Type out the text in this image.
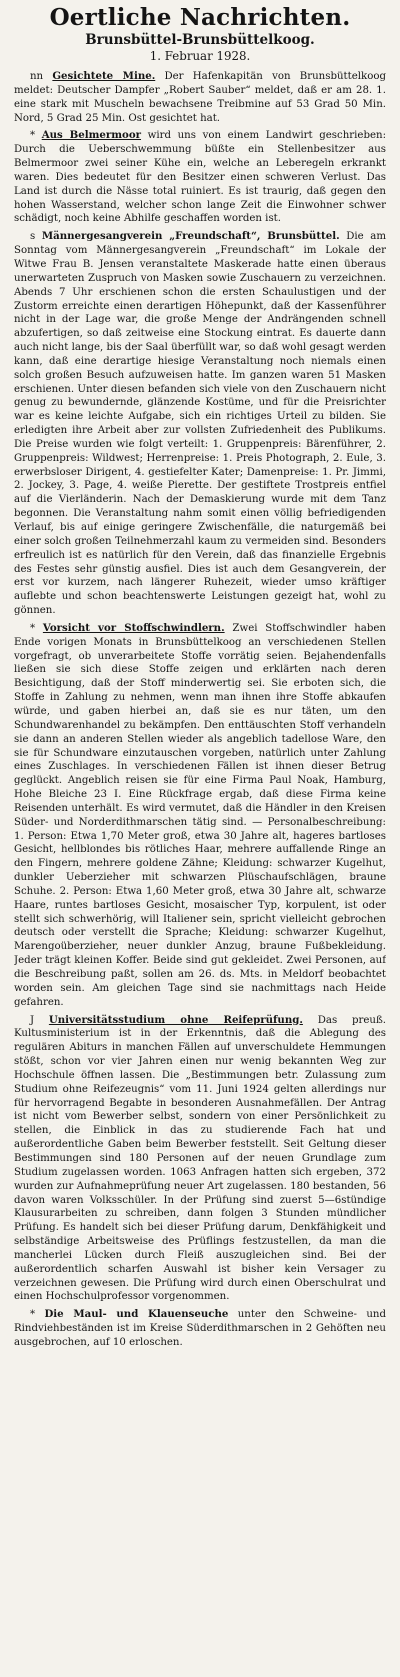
Oertliche Nachrichten.
Brunsbüttel-Brunsbüttelkoog.
1. Februar 1928.

nn Gesichtete Mine. Der Hafenkapitän von Brunsbüttelkoog meldet: Deutscher Dampfer „Robert Sauber“ meldet, daß er am 28. 1. eine stark mit Muscheln bewachsene Treibmine auf 53 Grad 50 Min. Nord, 5 Grad 25 Min. Ost gesichtet hat.

* Aus Belmermoor wird uns von einem Landwirt geschrieben: Durch die Ueberschwemmung büßte ein Stellenbesitzer aus Belmermoor zwei seiner Kühe ein, welche an Leberegeln erkrankt waren. Dies bedeutet für den Besitzer einen schweren Verlust. Das Land ist durch die Nässe total ruiniert. Es ist traurig, daß gegen den hohen Wasserstand, welcher schon lange Zeit die Einwohner schwer schädigt, noch keine Abhilfe geschaffen worden ist.

s Männergesangverein „Freundschaft“, Brunsbüttel. Die am Sonntag vom Männergesangverein „Freundschaft“ im Lokale der Witwe Frau B. Jensen veranstaltete Maskerade hatte einen überaus unerwarteten Zuspruch von Masken sowie Zuschauern zu verzeichnen. Abends 7 Uhr erschienen schon die ersten Schaulustigen und der Zustorm erreichte einen derartigen Höhepunkt, daß der Kassenführer nicht in der Lage war, die große Menge der Andrängenden schnell abzufertigen, so daß zeitweise eine Stockung eintrat. Es dauerte dann auch nicht lange, bis der Saal überfüllt war, so daß wohl gesagt werden kann, daß eine derartige hiesige Veranstaltung noch niemals einen solch großen Besuch aufzuweisen hatte. Im ganzen waren 51 Masken erschienen. Unter diesen befanden sich viele von den Zuschauern nicht genug zu bewundernde, glänzende Kostüme, und für die Preisrichter war es keine leichte Aufgabe, sich ein richtiges Urteil zu bilden. Sie erledigten ihre Arbeit aber zur vollsten Zufriedenheit des Publikums. Die Preise wurden wie folgt verteilt: 1. Gruppenpreis: Bärenführer, 2. Gruppenpreis: Wildwest; Herrenpreise: 1. Preis Photograph, 2. Eule, 3. erwerbsloser Dirigent, 4. gestiefelter Kater; Damenpreise: 1. Pr. Jimmi, 2. Jockey, 3. Page, 4. weiße Pierette. Der gestiftete Trostpreis entfiel auf die Vierländerin. Nach der Demaskierung wurde mit dem Tanz begonnen. Die Veranstaltung nahm somit einen völlig befriedigenden Verlauf, bis auf einige geringere Zwischenfälle, die naturgemäß bei einer solch großen Teilnehmerzahl kaum zu vermeiden sind. Besonders erfreulich ist es natürlich für den Verein, daß das finanzielle Ergebnis des Festes sehr günstig ausfiel. Dies ist auch dem Gesangverein, der erst vor kurzem, nach längerer Ruhezeit, wieder umso kräftiger auflebte und schon beachtenswerte Leistungen gezeigt hat, wohl zu gönnen.

* Vorsicht vor Stoffschwindlern. Zwei Stoffschwindler haben Ende vorigen Monats in Brunsbüttelkoog an verschiedenen Stellen vorgefragt, ob unverarbeitete Stoffe vorrätig seien. Bejahendenfalls ließen sie sich diese Stoffe zeigen und erklärten nach deren Besichtigung, daß der Stoff minderwertig sei. Sie erboten sich, die Stoffe in Zahlung zu nehmen, wenn man ihnen ihre Stoffe abkaufen würde, und gaben hierbei an, daß sie es nur täten, um den Schundwarenhandel zu bekämpfen. Den enttäuschten Stoff verhandeln sie dann an anderen Stellen wieder als angeblich tadellose Ware, den sie für Schundware einzutauschen vorgeben, natürlich unter Zahlung eines Zuschlages. In verschiedenen Fällen ist ihnen dieser Betrug geglückt. Angeblich reisen sie für eine Firma Paul Noak, Hamburg, Hohe Bleiche 23 I. Eine Rückfrage ergab, daß diese Firma keine Reisenden unterhält. Es wird vermutet, daß die Händler in den Kreisen Süder- und Norderdithmarschen tätig sind. — Personalbeschreibung: 1. Person: Etwa 1,70 Meter groß, etwa 30 Jahre alt, hageres bartloses Gesicht, hellblondes bis rötliches Haar, mehrere auffallende Ringe an den Fingern, mehrere goldene Zähne; Kleidung: schwarzer Kugelhut, dunkler Ueberzieher mit schwarzen Plüschaufschlägen, braune Schuhe. 2. Person: Etwa 1,60 Meter groß, etwa 30 Jahre alt, schwarze Haare, runtes bartloses Gesicht, mosaischer Typ, korpulent, ist oder stellt sich schwerhörig, will Italiener sein, spricht vielleicht gebrochen deutsch oder verstellt die Sprache; Kleidung: schwarzer Kugelhut, Marengoüberzieher, neuer dunkler Anzug, braune Fußbekleidung. Jeder trägt kleinen Koffer. Beide sind gut gekleidet. Zwei Personen, auf die Beschreibung paßt, sollen am 26. ds. Mts. in Meldorf beobachtet worden sein. Am gleichen Tage sind sie nachmittags nach Heide gefahren.

J Universitätsstudium ohne Reifeprüfung. Das preuß. Kultusministerium ist in der Erkenntnis, daß die Ablegung des regulären Abiturs in manchen Fällen auf unverschuldete Hemmungen stößt, schon vor vier Jahren einen nur wenig bekannten Weg zur Hochschule öffnen lassen. Die „Bestimmungen betr. Zulassung zum Studium ohne Reifezeugnis“ vom 11. Juni 1924 gelten allerdings nur für hervorragend Begabte in besonderen Ausnahmefällen. Der Antrag ist nicht vom Bewerber selbst, sondern von einer Persönlichkeit zu stellen, die Einblick in das zu studierende Fach hat und außerordentliche Gaben beim Bewerber feststellt. Seit Geltung dieser Bestimmungen sind 180 Personen auf der neuen Grundlage zum Studium zugelassen worden. 1063 Anfragen hatten sich ergeben, 372 wurden zur Aufnahmeprüfung neuer Art zugelassen. 180 bestanden, 56 davon waren Volksschüler. In der Prüfung sind zuerst 5—6stündige Klausurarbeiten zu schreiben, dann folgen 3 Stunden mündlicher Prüfung. Es handelt sich bei dieser Prüfung darum, Denkfähigkeit und selbständige Arbeitsweise des Prüflings festzustellen, da man die mancherlei Lücken durch Fleiß auszugleichen sind. Bei der außerordentlich scharfen Auswahl ist bisher kein Versager zu verzeichnen gewesen. Die Prüfung wird durch einen Oberschulrat und einen Hochschulprofessor vorgenommen.

* Die Maul- und Klauenseuche unter den Schweine- und Rindviehbeständen ist im Kreise Süderdithmarschen in 2 Gehöften neu ausgebrochen, auf 10 erloschen.
